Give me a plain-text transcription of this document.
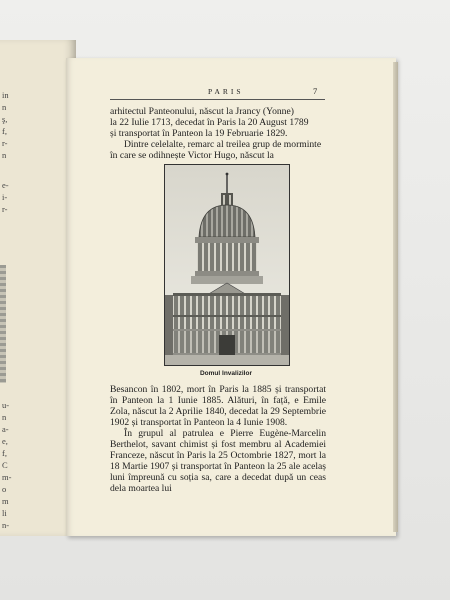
in
n
ş,
f,
r-
n
e-
i-
r-
u-
n
a-
e,
f,
C
m-
o
m
li
n-
PARIS	7

arhitectul Panteonului, născut la Jrancy (Yonne)

la 22 Iulie 1713, decedat în Paris la 20 August 1789

și transportat în Panteon la 19 Februarie 1829.

Dintre celelalte, remarc al treilea grup de morminte

în care se odihnește Victor Hugo, născut la

Domul Invalizilor

Besancon în 1802, mort în Paris la 1885 și transportat în Panteon la 1 Iunie 1885. Alături, în față, e Emile Zola, născut la 2 Aprilie 1840, decedat la 29 Septembrie 1902 și transportat în Panteon la 4 Iunie 1908.

În grupul al patrulea e Pierre Eugène-Marcelin Berthelot, savant chimist și fost membru al Academiei Franceze, născut în Paris la 25 Octombrie 1827, mort la 18 Martie 1907 și transportat în Panteon la 25 ale acelaș luni împreună cu soția sa, care a decedat după un ceas dela moartea lui
